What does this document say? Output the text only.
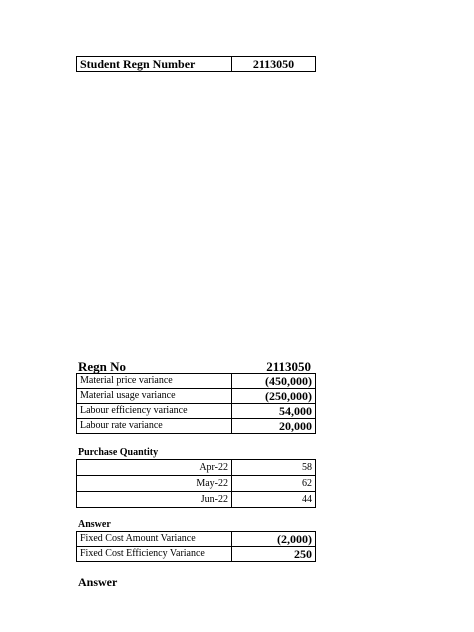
Student Regn Number	2113050
Regn No	2113050
Material price variance	(450,000)
Material usage variance	(250,000)
Labour efficiency variance	54,000
Labour rate variance	20,000
Purchase Quantity
Apr-22	58
May-22	62
Jun-22	44
Answer
Fixed Cost Amount Variance	(2,000)
Fixed Cost Efficiency Variance	250
Answer
